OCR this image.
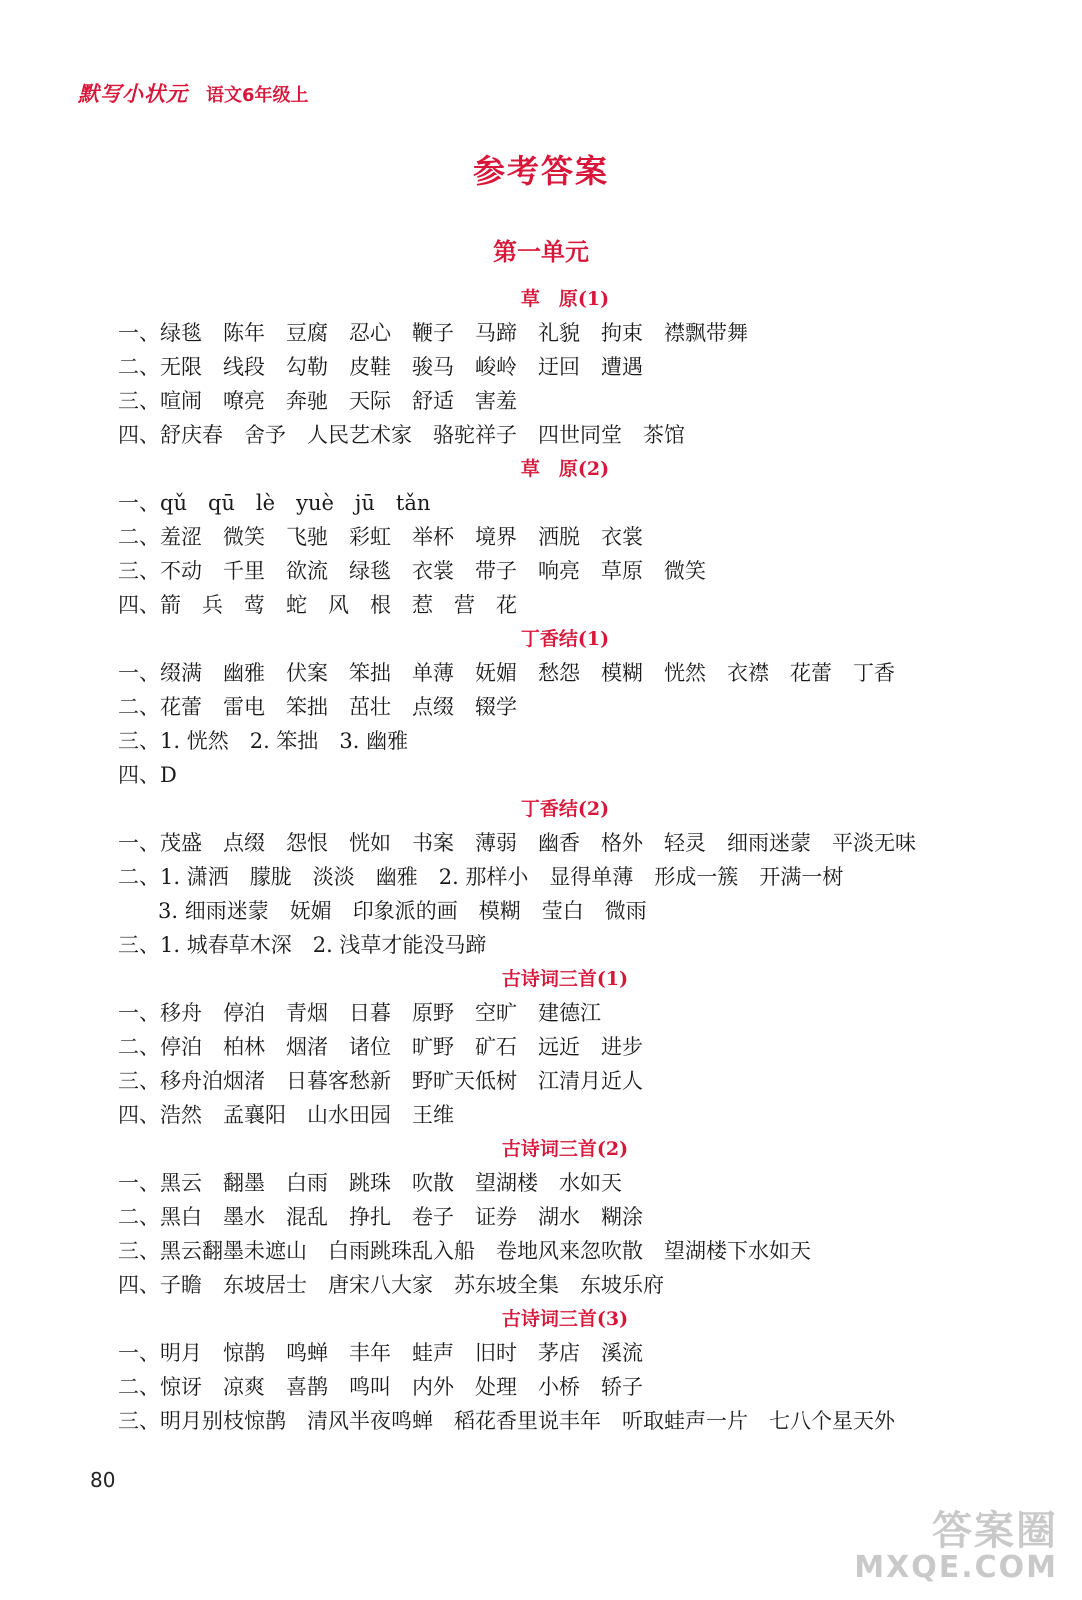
默写小状元 语文6年级上
参考答案
第一单元
草　原(1)
一、绿毯　陈年　豆腐　忍心　鞭子　马蹄　礼貌　拘束　襟飘带舞
二、无限　线段　勾勒　皮鞋　骏马　峻岭　迂回　遭遇
三、喧闹　嘹亮　奔驰　天际　舒适　害羞
四、舒庆春　舍予　人民艺术家　骆驼祥子　四世同堂　茶馆
草　原(2)
一、qǔ　qū　lè　yuè　jū　tǎn
二、羞涩　微笑　飞驰　彩虹　举杯　境界　洒脱　衣裳
三、不动　千里　欲流　绿毯　衣裳　带子　响亮　草原　微笑
四、箭　兵　莺　蛇　风　根　惹　营　花
丁香结(1)
一、缀满　幽雅　伏案　笨拙　单薄　妩媚　愁怨　模糊　恍然　衣襟　花蕾　丁香
二、花蕾　雷电　笨拙　茁壮　点缀　辍学
三、1. 恍然　2. 笨拙　3. 幽雅
四、D
丁香结(2)
一、茂盛　点缀　怨恨　恍如　书案　薄弱　幽香　格外　轻灵　细雨迷蒙　平淡无味
二、1. 潇洒　朦胧　淡淡　幽雅　2. 那样小　显得单薄　形成一簇　开满一树
3. 细雨迷蒙　妩媚　印象派的画　模糊　莹白　微雨
三、1. 城春草木深　2. 浅草才能没马蹄
古诗词三首(1)
一、移舟　停泊　青烟　日暮　原野　空旷　建德江
二、停泊　柏林　烟渚　诸位　旷野　矿石　远近　进步
三、移舟泊烟渚　日暮客愁新　野旷天低树　江清月近人
四、浩然　孟襄阳　山水田园　王维
古诗词三首(2)
一、黑云　翻墨　白雨　跳珠　吹散　望湖楼　水如天
二、黑白　墨水　混乱　挣扎　卷子　证券　湖水　糊涂
三、黑云翻墨未遮山　白雨跳珠乱入船　卷地风来忽吹散　望湖楼下水如天
四、子瞻　东坡居士　唐宋八大家　苏东坡全集　东坡乐府
古诗词三首(3)
一、明月　惊鹊　鸣蝉　丰年　蛙声　旧时　茅店　溪流
二、惊讶　凉爽　喜鹊　鸣叫　内外　处理　小桥　轿子
三、明月别枝惊鹊　清风半夜鸣蝉　稻花香里说丰年　听取蛙声一片　七八个星天外
80
答案圈
MXQE.COM
